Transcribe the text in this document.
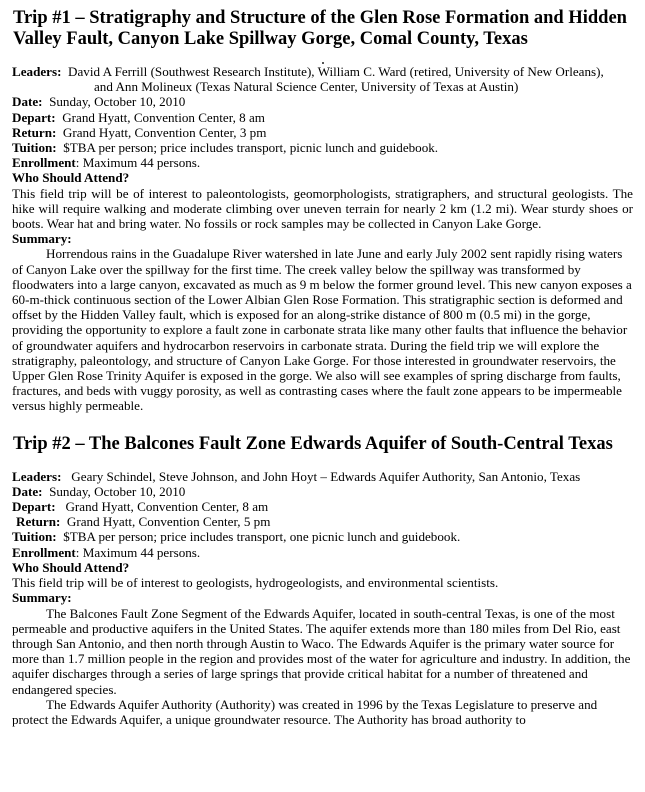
Trip #1 – Stratigraphy and Structure of the Glen Rose Formation and Hidden Valley Fault, Canyon Lake Spillway Gorge, Comal County, Texas
Leaders: David A Ferrill (Southwest Research Institute), William C. Ward (retired, University of New Orleans),
and Ann Molineux (Texas Natural Science Center, University of Texas at Austin)
Date: Sunday, October 10, 2010
Depart: Grand Hyatt, Convention Center, 8 am
Return: Grand Hyatt, Convention Center, 3 pm
Tuition: $TBA per person; price includes transport, picnic lunch and guidebook.
Enrollment: Maximum 44 persons.
Who Should Attend?

This field trip will be of interest to paleontologists, geomorphologists, stratigraphers, and structural geologists. The hike will require walking and moderate climbing over uneven terrain for nearly 2 km (1.2 mi). Wear sturdy shoes or boots. Wear hat and bring water. No fossils or rock samples may be collected in Canyon Lake Gorge.

Summary:

Horrendous rains in the Guadalupe River watershed in late June and early July 2002 sent rapidly rising waters of Canyon Lake over the spillway for the first time. The creek valley below the spillway was transformed by floodwaters into a large canyon, excavated as much as 9 m below the former ground level. This new canyon exposes a 60-m-thick continuous section of the Lower Albian Glen Rose Formation. This stratigraphic section is deformed and offset by the Hidden Valley fault, which is exposed for an along-strike distance of 800 m (0.5 mi) in the gorge, providing the opportunity to explore a fault zone in carbonate strata like many other faults that influence the behavior of groundwater aquifers and hydrocarbon reservoirs in carbonate strata. During the field trip we will explore the stratigraphy, paleontology, and structure of Canyon Lake Gorge. For those interested in groundwater reservoirs, the Upper Glen Rose Trinity Aquifer is exposed in the gorge. We also will see examples of spring discharge from faults, fractures, and beds with vuggy porosity, as well as contrasting cases where the fault zone appears to be impermeable versus highly permeable.

Trip #2 – The Balcones Fault Zone Edwards Aquifer of South-Central Texas
Leaders: Geary Schindel, Steve Johnson, and John Hoyt – Edwards Aquifer Authority, San Antonio, Texas
Date: Sunday, October 10, 2010
Depart: Grand Hyatt, Convention Center, 8 am
Return: Grand Hyatt, Convention Center, 5 pm
Tuition: $TBA per person; price includes transport, one picnic lunch and guidebook.
Enrollment: Maximum 44 persons.
Who Should Attend?

This field trip will be of interest to geologists, hydrogeologists, and environmental scientists.

Summary:

The Balcones Fault Zone Segment of the Edwards Aquifer, located in south-central Texas, is one of the most permeable and productive aquifers in the United States. The aquifer extends more than 180 miles from Del Rio, east through San Antonio, and then north through Austin to Waco. The Edwards Aquifer is the primary water source for more than 1.7 million people in the region and provides most of the water for agriculture and industry. In addition, the aquifer discharges through a series of large springs that provide critical habitat for a number of threatened and endangered species.

The Edwards Aquifer Authority (Authority) was created in 1996 by the Texas Legislature to preserve and protect the Edwards Aquifer, a unique groundwater resource. The Authority has broad authority to
